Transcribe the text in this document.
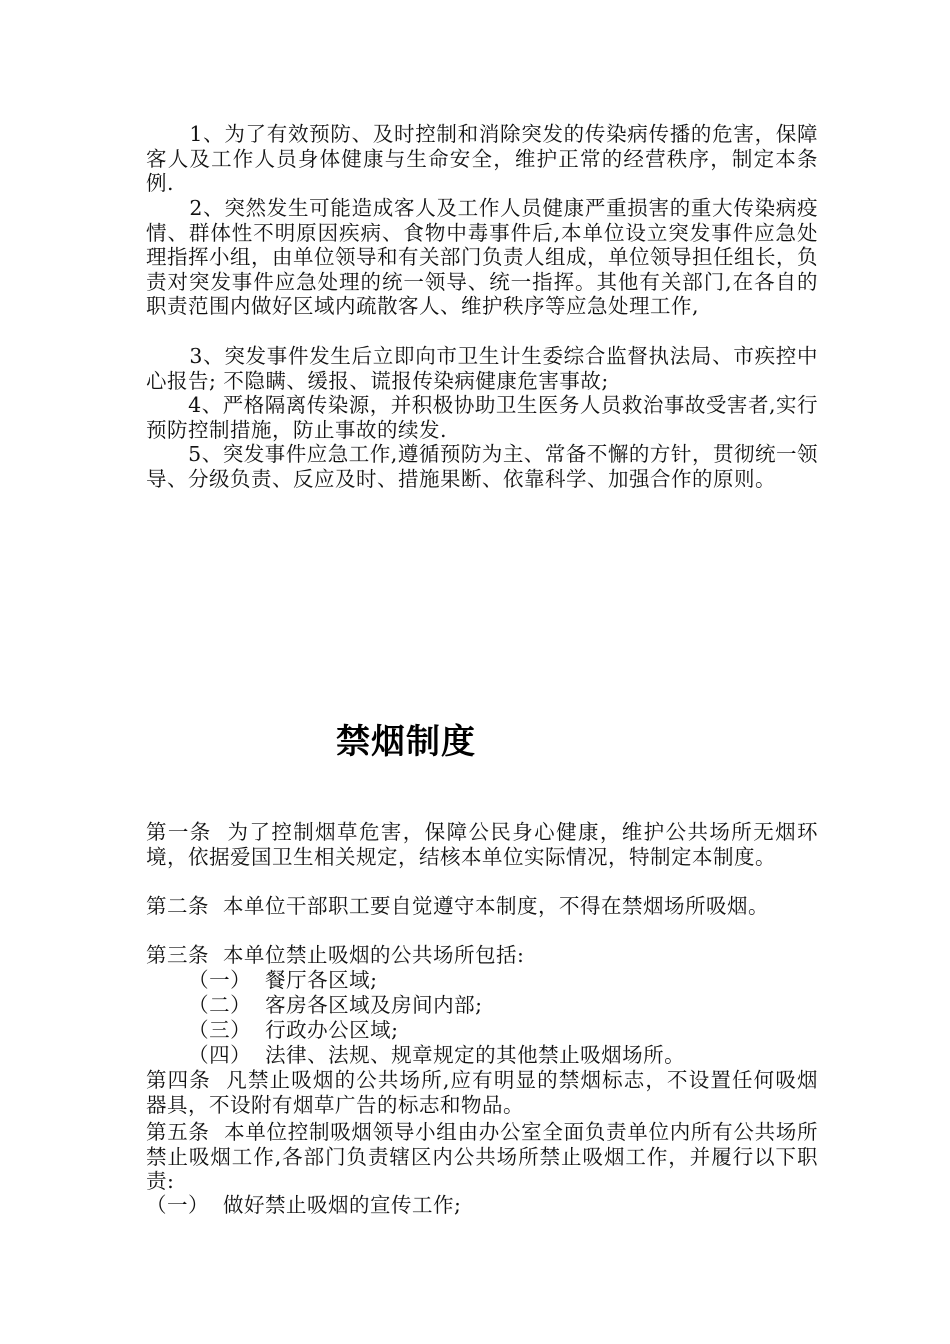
1、为了有效预防、及时控制和消除突发的传染病传播的危害，保障客人及工作人员身体健康与生命安全，维护正常的经营秩序，制定本条例.

2、突然发生可能造成客人及工作人员健康严重损害的重大传染病疫情、群体性不明原因疾病、食物中毒事件后,本单位设立突发事件应急处理指挥小组，由单位领导和有关部门负责人组成，单位领导担任组长，负责对突发事件应急处理的统一领导、统一指挥。其他有关部门,在各自的职责范围内做好区域内疏散客人、维护秩序等应急处理工作,

3、突发事件发生后立即向市卫生计生委综合监督执法局、市疾控中心报告; 不隐瞒、缓报、谎报传染病健康危害事故;

4、严格隔离传染源，并积极协助卫生医务人员救治事故受害者,实行预防控制措施，防止事故的续发.

5、突发事件应急工作,遵循预防为主、常备不懈的方针，贯彻统一领导、分级负责、反应及时、措施果断、依靠科学、加强合作的原则。

禁烟制度

第一条  为了控制烟草危害，保障公民身心健康，维护公共场所无烟环境，依据爱国卫生相关规定，结核本单位实际情况，特制定本制度。

第二条  本单位干部职工要自觉遵守本制度，不得在禁烟场所吸烟。

第三条  本单位禁止吸烟的公共场所包括:

（一）  餐厅各区域;

（二）  客房各区域及房间内部;

（三）  行政办公区域;

（四）  法律、法规、规章规定的其他禁止吸烟场所。

第四条  凡禁止吸烟的公共场所,应有明显的禁烟标志，不设置任何吸烟器具，不设附有烟草广告的标志和物品。

第五条  本单位控制吸烟领导小组由办公室全面负责单位内所有公共场所禁止吸烟工作,各部门负责辖区内公共场所禁止吸烟工作，并履行以下职责:

（一）  做好禁止吸烟的宣传工作;
